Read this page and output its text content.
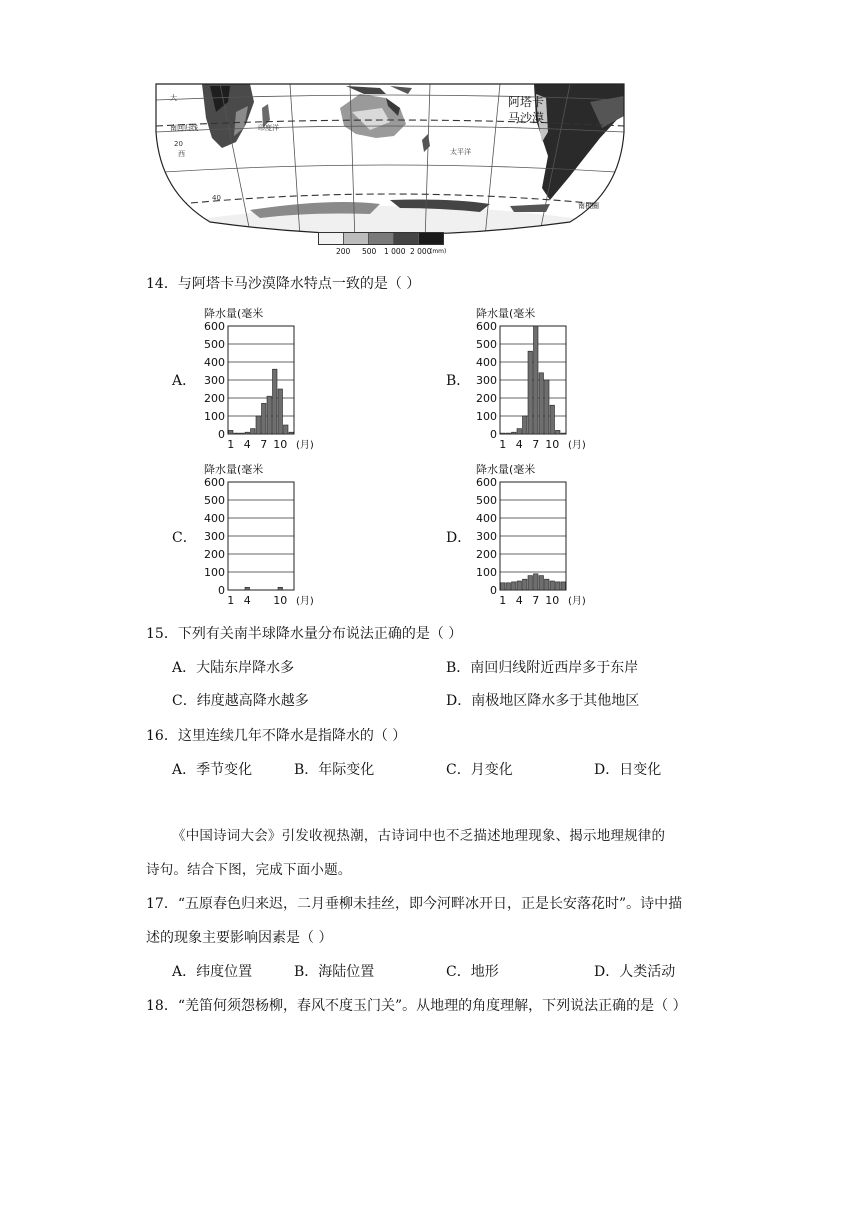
阿塔卡
马沙漠
南回归线
南极圈
印度洋
太平洋
大
西
20
40
200 500 1 000 2 000
(mm)
14．与阿塔卡马沙漠降水特点一致的是（ ）
A．	B．
C．	D．
降水量(毫米
600
500
400
300
200
100
0
1 4 7 10 (月)
降水量(毫米
600
500
400
300
200
100
0
1 4 7 10 (月)
降水量(毫米
600
500
400
300
200
100
0
1 4 10 (月)
降水量(毫米
600
500
400
300
200
100
0
1 4 7 10 (月)
15．下列有关南半球降水量分布说法正确的是（ ）
A．大陆东岸降水多	B．南回归线附近西岸多于东岸
C．纬度越高降水越多	D．南极地区降水多于其他地区
16．这里连续几年不降水是指降水的（ ）
A．季节变化	B．年际变化	C．月变化	D．日变化
《中国诗词大会》引发收视热潮，古诗词中也不乏描述地理现象、揭示地理规律的
诗句。结合下图，完成下面小题。
17．“五原春色归来迟，二月垂柳未挂丝，即今河畔冰开日，正是长安落花时”。诗中描
述的现象主要影响因素是（ ）
A．纬度位置	B．海陆位置	C．地形	D．人类活动
18．“羌笛何须怨杨柳，春风不度玉门关”。从地理的角度理解，下列说法正确的是（ ）
